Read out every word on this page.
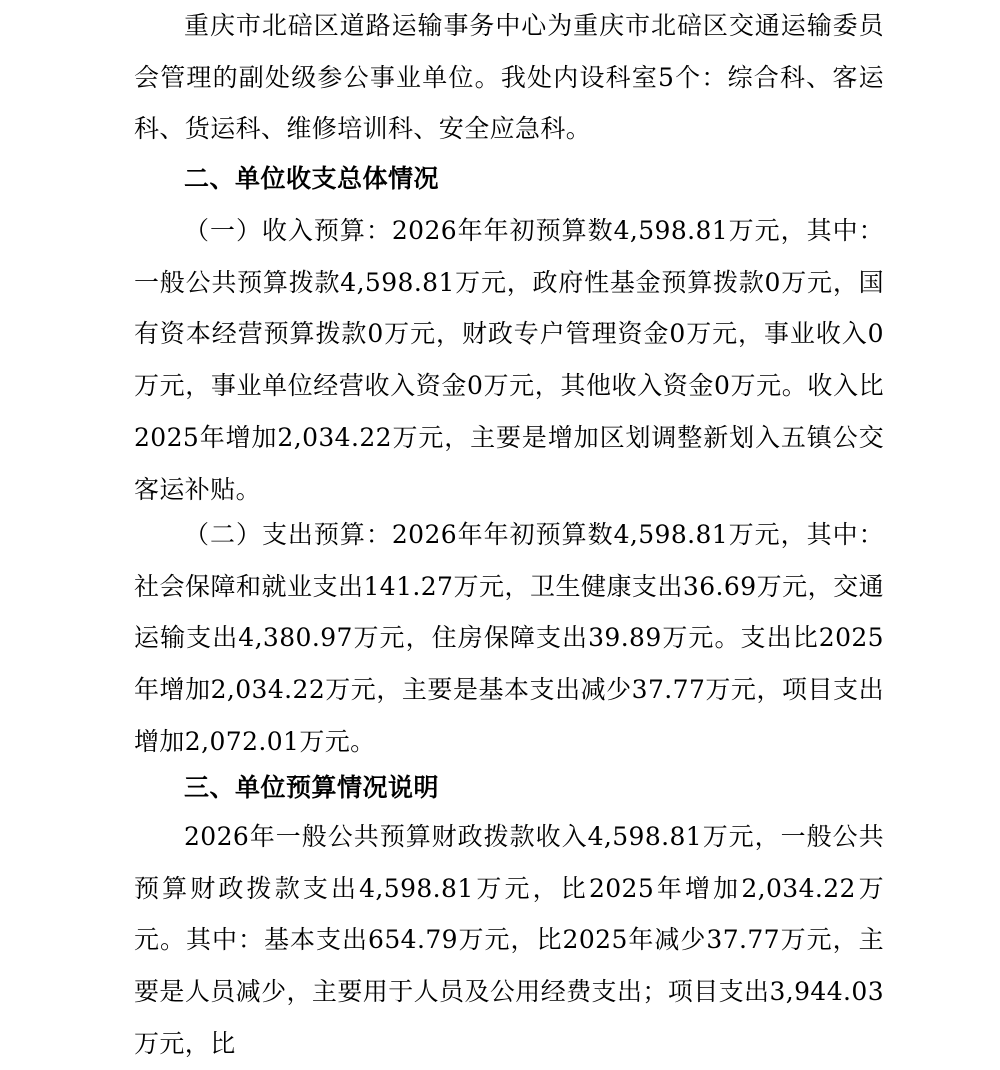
重庆市北碚区道路运输事务中心为重庆市北碚区交通运输委员会管理的副处级参公事业单位。我处内设科室5个：综合科、客运科、货运科、维修培训科、安全应急科。

二、单位收支总体情况

（一）收入预算：2026年年初预算数4,598.81万元，其中：一般公共预算拨款4,598.81万元，政府性基金预算拨款0万元，国有资本经营预算拨款0万元，财政专户管理资金0万元，事业收入0万元，事业单位经营收入资金0万元，其他收入资金0万元。收入比2025年增加2,034.22万元，主要是增加区划调整新划入五镇公交客运补贴。

（二）支出预算：2026年年初预算数4,598.81万元，其中：社会保障和就业支出141.27万元，卫生健康支出36.69万元，交通运输支出4,380.97万元，住房保障支出39.89万元。支出比2025年增加2,034.22万元，主要是基本支出减少37.77万元，项目支出增加2,072.01万元。

三、单位预算情况说明

2026年一般公共预算财政拨款收入4,598.81万元，一般公共预算财政拨款支出4,598.81万元，比2025年增加2,034.22万元。其中：基本支出654.79万元，比2025年减少37.77万元，主要是人员减少，主要用于人员及公用经费支出；项目支出3,944.03万元，比
